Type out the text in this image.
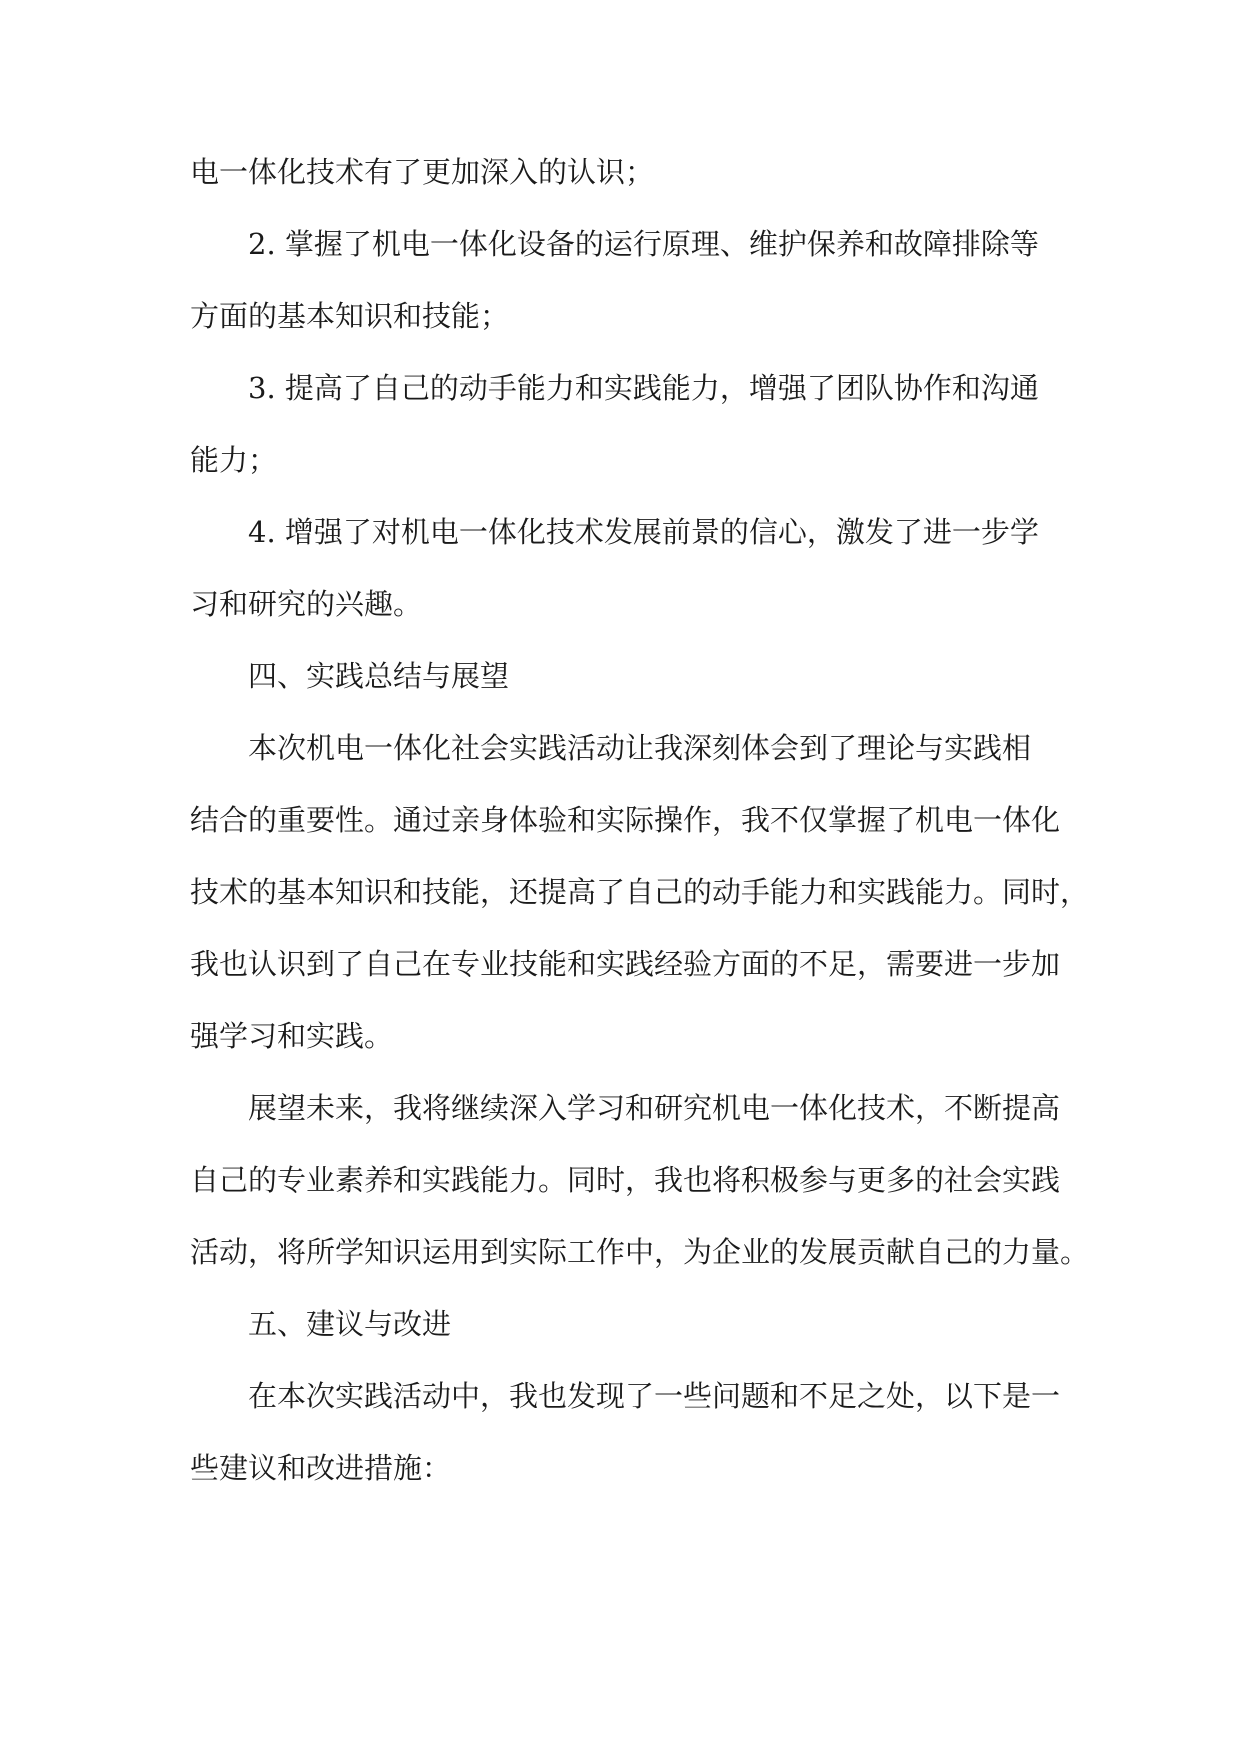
电一体化技术有了更加深入的认识；
2. 掌握了机电一体化设备的运行原理、维护保养和故障排除等
方面的基本知识和技能；
3. 提高了自己的动手能力和实践能力，增强了团队协作和沟通
能力；
4. 增强了对机电一体化技术发展前景的信心，激发了进一步学
习和研究的兴趣。
四、实践总结与展望
本次机电一体化社会实践活动让我深刻体会到了理论与实践相
结合的重要性。通过亲身体验和实际操作，我不仅掌握了机电一体化
技术的基本知识和技能，还提高了自己的动手能力和实践能力。同时，
我也认识到了自己在专业技能和实践经验方面的不足，需要进一步加
强学习和实践。
展望未来，我将继续深入学习和研究机电一体化技术，不断提高
自己的专业素养和实践能力。同时，我也将积极参与更多的社会实践
活动，将所学知识运用到实际工作中，为企业的发展贡献自己的力量。
五、建议与改进
在本次实践活动中，我也发现了一些问题和不足之处，以下是一
些建议和改进措施：
